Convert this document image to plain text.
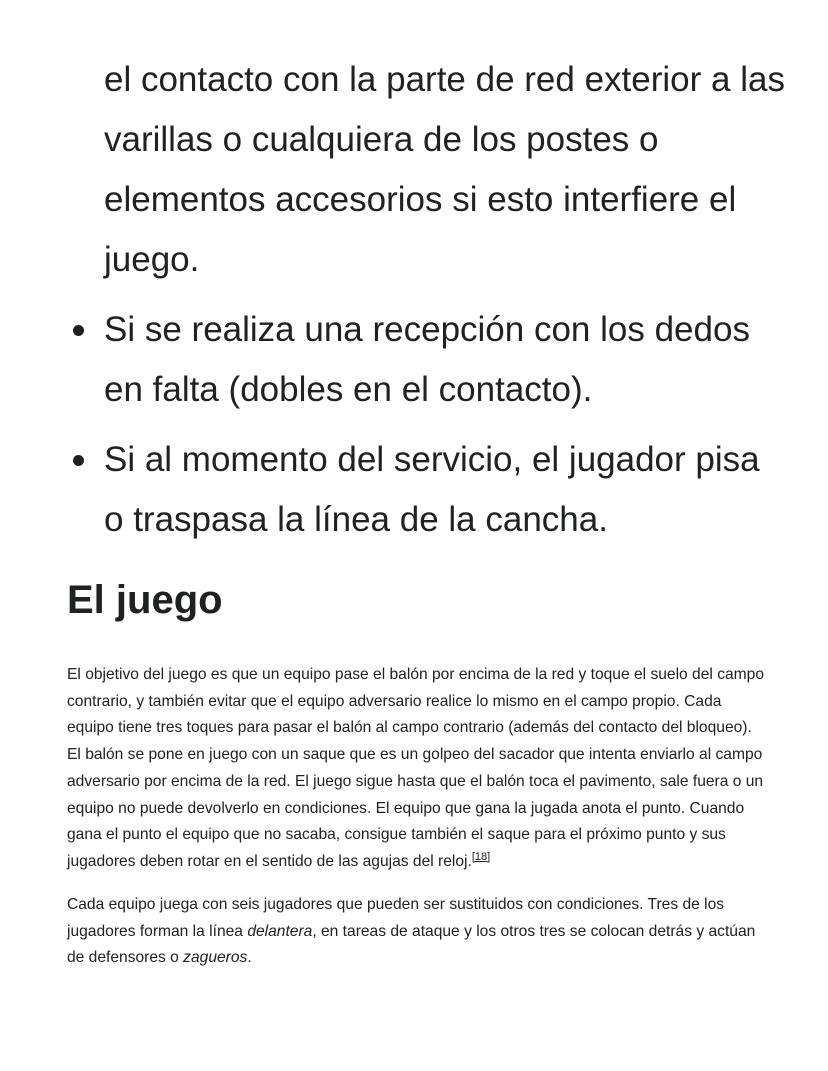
el contacto con la parte de red exterior a las varillas o cualquiera de los postes o elementos accesorios si esto interfiere el juego.
Si se realiza una recepción con los dedos en falta (dobles en el contacto).
Si al momento del servicio, el jugador pisa o traspasa la línea de la cancha.
El juego

El objetivo del juego es que un equipo pase el balón por encima de la red y toque el suelo del campo contrario, y también evitar que el equipo adversario realice lo mismo en el campo propio. Cada equipo tiene tres toques para pasar el balón al campo contrario (además del contacto del bloqueo). El balón se pone en juego con un saque que es un golpeo del sacador que intenta enviarlo al campo adversario por encima de la red. El juego sigue hasta que el balón toca el pavimento, sale fuera o un equipo no puede devolverlo en condiciones. El equipo que gana la jugada anota el punto. Cuando gana el punto el equipo que no sacaba, consigue también el saque para el próximo punto y sus jugadores deben rotar en el sentido de las agujas del reloj.[18]

Cada equipo juega con seis jugadores que pueden ser sustituidos con condiciones. Tres de los jugadores forman la línea delantera, en tareas de ataque y los otros tres se colocan detrás y actúan de defensores o zagueros.
